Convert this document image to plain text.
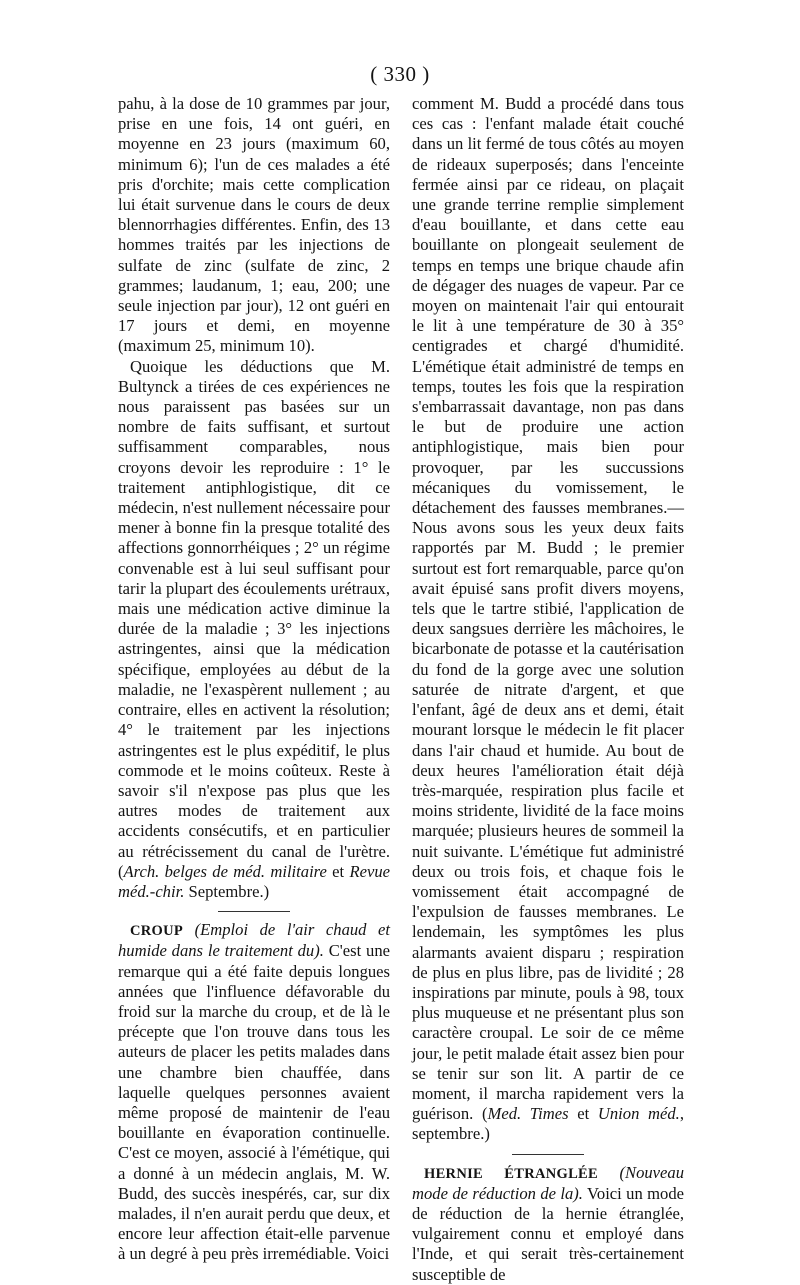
( 330 )

pahu, à la dose de 10 grammes par jour, prise en une fois, 14 ont guéri, en moyenne en 23 jours (maximum 60, minimum 6); l'un de ces malades a été pris d'orchite; mais cette complication lui était survenue dans le cours de deux blennorrhagies différentes. Enfin, des 13 hommes traités par les injections de sulfate de zinc (sulfate de zinc, 2 grammes; laudanum, 1; eau, 200; une seule injection par jour), 12 ont guéri en 17 jours et demi, en moyenne (maximum 25, minimum 10).

Quoique les déductions que M. Bultynck a tirées de ces expériences ne nous paraissent pas basées sur un nombre de faits suffisant, et surtout suffisamment comparables, nous croyons devoir les reproduire : 1° le traitement antiphlogistique, dit ce médecin, n'est nullement nécessaire pour mener à bonne fin la presque totalité des affections gonnorrhéiques ; 2° un régime convenable est à lui seul suffisant pour tarir la plupart des écoulements urétraux, mais une médication active diminue la durée de la maladie ; 3° les injections astringentes, ainsi que la médication spécifique, employées au début de la maladie, ne l'exaspèrent nullement ; au contraire, elles en activent la résolution; 4° le traitement par les injections astringentes est le plus expéditif, le plus commode et le moins coûteux. Reste à savoir s'il n'expose pas plus que les autres modes de traitement aux accidents consécutifs, et en particulier au rétrécissement du canal de l'urètre. (Arch. belges de méd. militaire et Revue méd.-chir. Septembre.)

CROUP (Emploi de l'air chaud et humide dans le traitement du). C'est une remarque qui a été faite depuis longues années que l'influence défavorable du froid sur la marche du croup, et de là le précepte que l'on trouve dans tous les auteurs de placer les petits malades dans une chambre bien chauffée, dans laquelle quelques personnes avaient même proposé de maintenir de l'eau bouillante en évaporation continuelle. C'est ce moyen, associé à l'émétique, qui a donné à un médecin anglais, M. W. Budd, des succès inespérés, car, sur dix malades, il n'en aurait perdu que deux, et encore leur affection était-elle parvenue à un degré à peu près irremédiable. Voici

comment M. Budd a procédé dans tous ces cas : l'enfant malade était couché dans un lit fermé de tous côtés au moyen de rideaux superposés; dans l'enceinte fermée ainsi par ce rideau, on plaçait une grande terrine remplie simplement d'eau bouillante, et dans cette eau bouillante on plongeait seulement de temps en temps une brique chaude afin de dégager des nuages de vapeur. Par ce moyen on maintenait l'air qui entourait le lit à une température de 30 à 35° centigrades et chargé d'humidité. L'émétique était administré de temps en temps, toutes les fois que la respiration s'embarrassait davantage, non pas dans le but de produire une action antiphlogistique, mais bien pour provoquer, par les succussions mécaniques du vomissement, le détachement des fausses membranes.—Nous avons sous les yeux deux faits rapportés par M. Budd ; le premier surtout est fort remarquable, parce qu'on avait épuisé sans profit divers moyens, tels que le tartre stibié, l'application de deux sangsues derrière les mâchoires, le bicarbonate de potasse et la cautérisation du fond de la gorge avec une solution saturée de nitrate d'argent, et que l'enfant, âgé de deux ans et demi, était mourant lorsque le médecin le fit placer dans l'air chaud et humide. Au bout de deux heures l'amélioration était déjà très-marquée, respiration plus facile et moins stridente, lividité de la face moins marquée; plusieurs heures de sommeil la nuit suivante. L'émétique fut administré deux ou trois fois, et chaque fois le vomissement était accompagné de l'expulsion de fausses membranes. Le lendemain, les symptômes les plus alarmants avaient disparu ; respiration de plus en plus libre, pas de lividité ; 28 inspirations par minute, pouls à 98, toux plus muqueuse et ne présentant plus son caractère croupal. Le soir de ce même jour, le petit malade était assez bien pour se tenir sur son lit. A partir de ce moment, il marcha rapidement vers la guérison. (Med. Times et Union méd., septembre.)

HERNIE ÉTRANGLÉE (Nouveau mode de réduction de la). Voici un mode de réduction de la hernie étranglée, vulgairement connu et employé dans l'Inde, et qui serait très-certainement susceptible de
